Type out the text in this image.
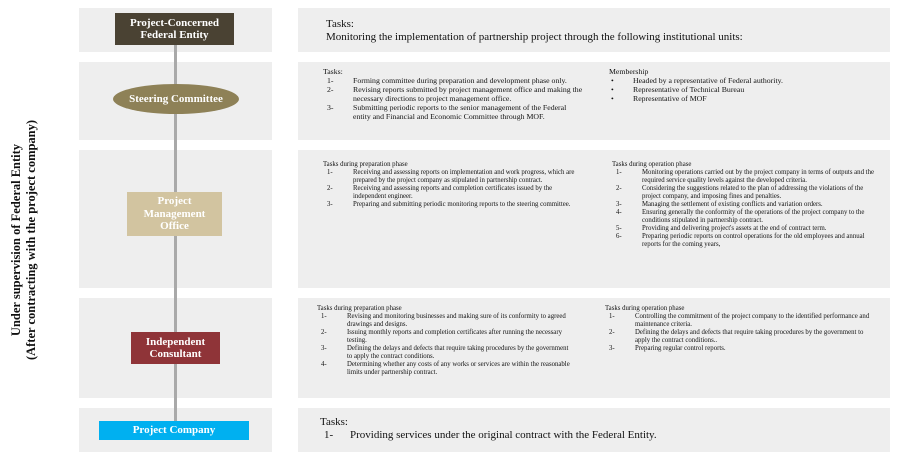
Under supervision of Federal Entity (After contracting with the project company)
Project-Concerned
Federal Entity
Tasks:
Monitoring the implementation of partnership project through the following institutional units:
Steering Committee
Tasks:
1-	Forming committee during preparation and development phase only.
2-	Revising reports submitted by project management office and making the necessary directions to project management office.
3-	Submitting periodic reports to the senior management of the Federal entity and Financial and Economic Committee through MOF.
Membership
• Headed by a representative of Federal authority.
• Representative of Technical Bureau
• Representative of MOF
Project
Management
Office
Tasks during preparation phase
1-	Receiving and assessing reports on implementation and work progress, which are prepared by the project company as stipulated in partnership contract.
2-	Receiving and assessing reports and completion certificates issued by the independent engineer.
3-	Preparing and submitting periodic monitoring reports to the steering committee.
Tasks during operation phase
1-	Monitoring operations carried out by the project company in terms of outputs and the required service quality levels against the developed criteria.
2-	Considering the suggestions related to the plan of addressing the violations of the project company, and imposing fines and penalties.
3-	Managing the settlement of existing conflicts and variation orders.
4-	Ensuring generally the conformity of the operations of the project company to the conditions stipulated in partnership contract.
5-	Providing and delivering project's assets at the end of contract term.
6-	Preparing periodic reports on control operations for the old employees and annual reports for the coming years,
Independent
Consultant
Tasks during preparation phase
1-	Revising and monitoring businesses and making sure of its conformity to agreed drawings and designs.
2-	Issuing monthly reports and completion certificates after running the necessary testing.
3-	Defining the delays and defects that require taking procedures by the government to apply the contract conditions.
4-	Determining whether any costs of any works or services are within the reasonable limits under partnership contract.
Tasks during operation phase
1-	Controlling the commitment of the project company to the identified performance and maintenance criteria.
2-	Defining the delays and defects that require taking procedures by the government to apply the contract conditions..
3-	Preparing regular control reports.
Project Company
Tasks:
1- Providing services under the original contract with the Federal Entity.
